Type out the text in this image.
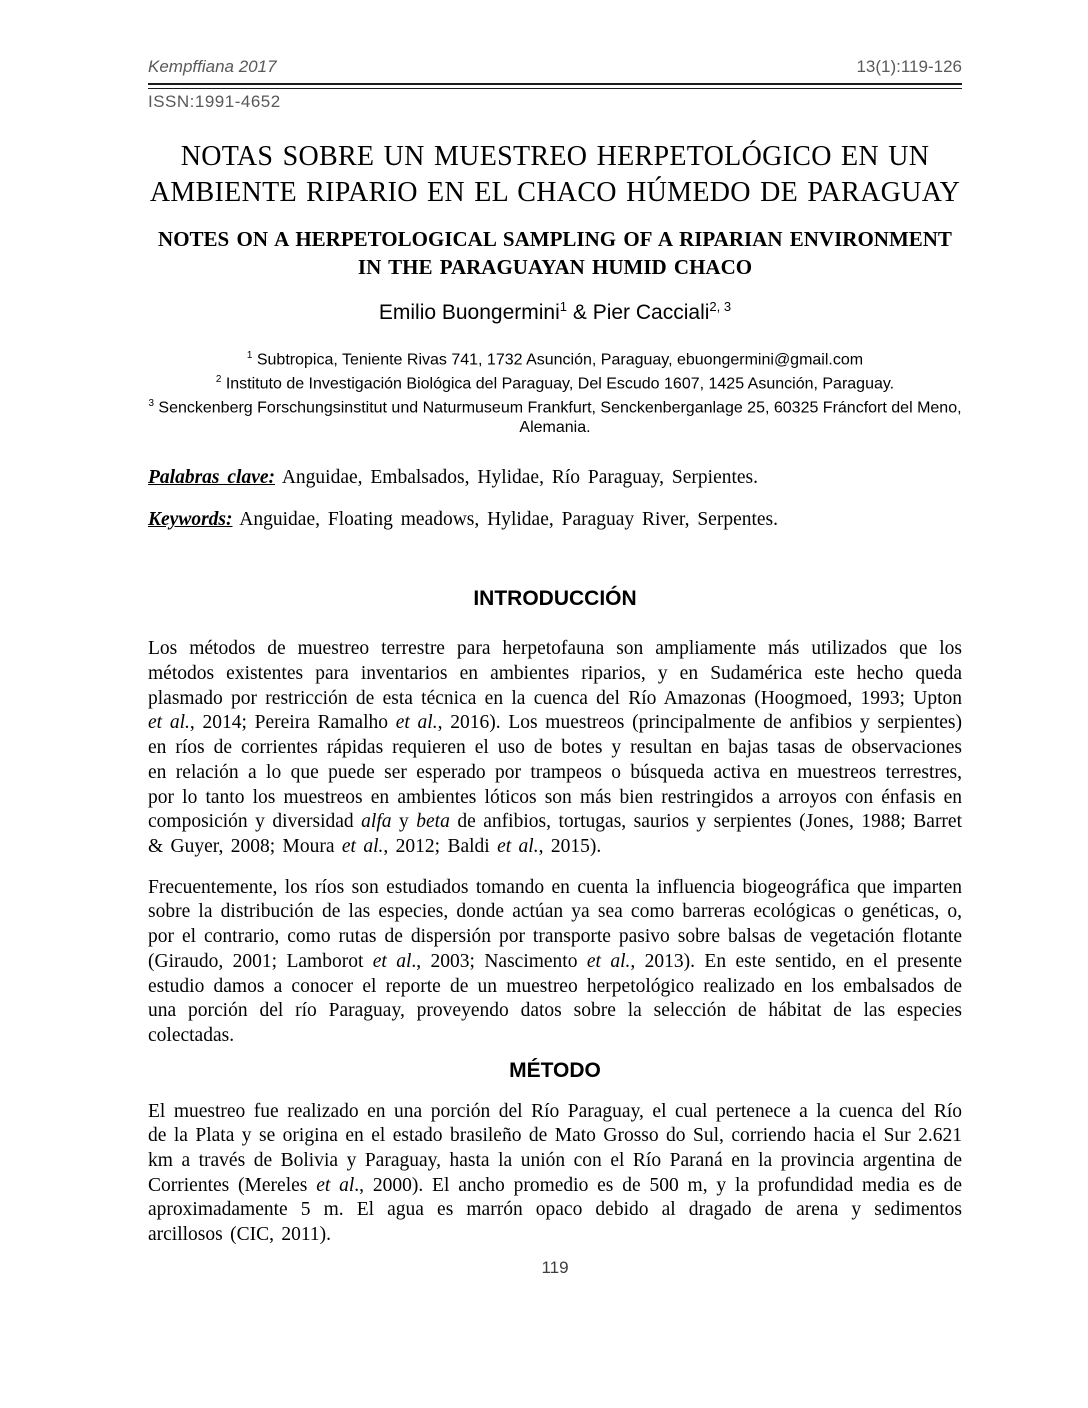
Kempffiana 2017	13(1):119-126
ISSN:1991-4652
NOTAS SOBRE UN MUESTREO HERPETOLÓGICO EN UN AMBIENTE RIPARIO EN EL CHACO HÚMEDO DE PARAGUAY
NOTES ON A HERPETOLOGICAL SAMPLING OF A RIPARIAN ENVIRONMENT IN THE PARAGUAYAN HUMID CHACO
Emilio Buongermini$^1$ & Pier Cacciali$^{2, 3}$
$^1$ Subtropica, Teniente Rivas 741, 1732 Asunción, Paraguay, ebuongermini@gmail.com
$^2$ Instituto de Investigación Biológica del Paraguay, Del Escudo 1607, 1425 Asunción, Paraguay.
$^3$ Senckenberg Forschungsinstitut und Naturmuseum Frankfurt, Senckenberganlage 25, 60325 Fráncfort del Meno, Alemania.

Palabras clave: Anguidae, Embalsados, Hylidae, Río Paraguay, Serpientes.

Keywords: Anguidae, Floating meadows, Hylidae, Paraguay River, Serpentes.

INTRODUCCIÓN

Los métodos de muestreo terrestre para herpetofauna son ampliamente más utilizados que los métodos existentes para inventarios en ambientes riparios, y en Sudamérica este hecho queda plasmado por restricción de esta técnica en la cuenca del Río Amazonas (Hoogmoed, 1993; Upton et al., 2014; Pereira Ramalho et al., 2016). Los muestreos (principalmente de anfibios y serpientes) en ríos de corrientes rápidas requieren el uso de botes y resultan en bajas tasas de observaciones en relación a lo que puede ser esperado por trampeos o búsqueda activa en muestreos terrestres, por lo tanto los muestreos en ambientes lóticos son más bien restringidos a arroyos con énfasis en composición y diversidad alfa y beta de anfibios, tortugas, saurios y serpientes (Jones, 1988; Barret & Guyer, 2008; Moura et al., 2012; Baldi et al., 2015).

Frecuentemente, los ríos son estudiados tomando en cuenta la influencia biogeográfica que imparten sobre la distribución de las especies, donde actúan ya sea como barreras ecológicas o genéticas, o, por el contrario, como rutas de dispersión por transporte pasivo sobre balsas de vegetación flotante (Giraudo, 2001; Lamborot et al., 2003; Nascimento et al., 2013). En este sentido, en el presente estudio damos a conocer el reporte de un muestreo herpetológico realizado en los embalsados de una porción del río Paraguay, proveyendo datos sobre la selección de hábitat de las especies colectadas.

MÉTODO

El muestreo fue realizado en una porción del Río Paraguay, el cual pertenece a la cuenca del Río de la Plata y se origina en el estado brasileño de Mato Grosso do Sul, corriendo hacia el Sur 2.621 km a través de Bolivia y Paraguay, hasta la unión con el Río Paraná en la provincia argentina de Corrientes (Mereles et al., 2000). El ancho promedio es de 500 m, y la profundidad media es de aproximadamente 5 m. El agua es marrón opaco debido al dragado de arena y sedimentos arcillosos (CIC, 2011).

119
